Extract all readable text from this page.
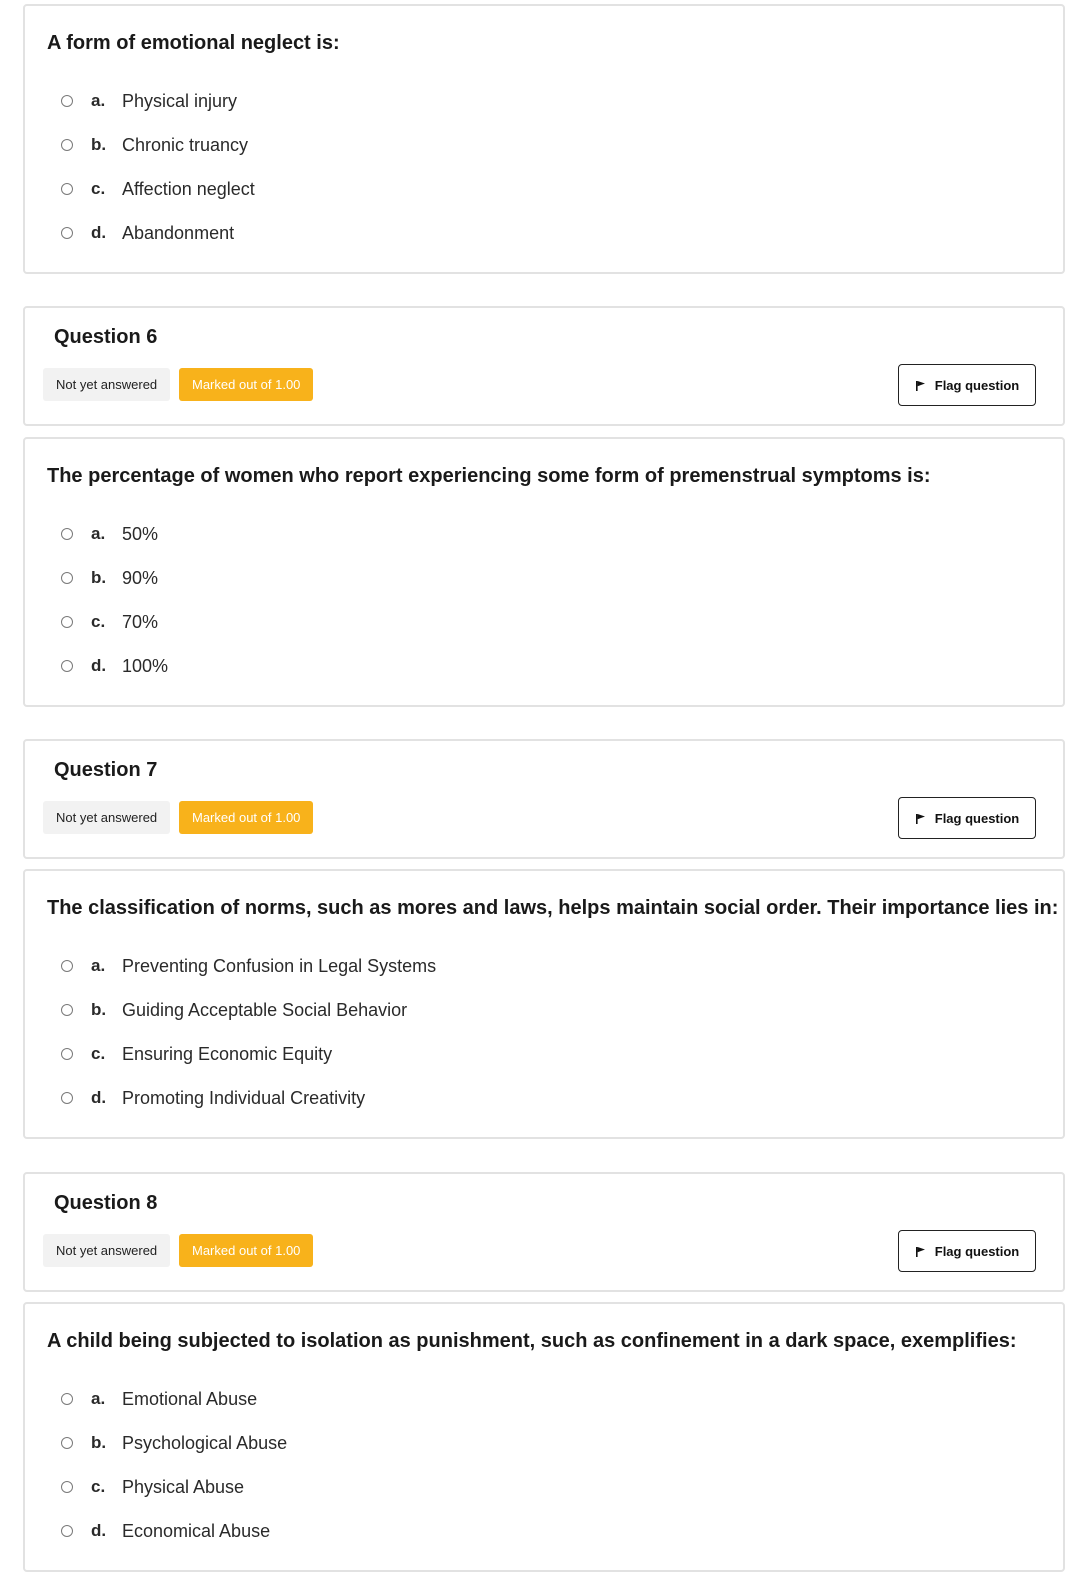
A form of emotional neglect is:

a. Physical injury
b. Chronic truancy
c. Affection neglect
d. Abandonment
Question 6
Not yet answered	Marked out of 1.00	Flag question

The percentage of women who report experiencing some form of premenstrual symptoms is:

a. 50%
b. 90%
c. 70%
d. 100%
Question 7
Not yet answered	Marked out of 1.00	Flag question

The classification of norms, such as mores and laws, helps maintain social order. Their importance lies in:

a. Preventing Confusion in Legal Systems
b. Guiding Acceptable Social Behavior
c. Ensuring Economic Equity
d. Promoting Individual Creativity
Question 8
Not yet answered	Marked out of 1.00	Flag question

A child being subjected to isolation as punishment, such as confinement in a dark space, exemplifies:

a. Emotional Abuse
b. Psychological Abuse
c. Physical Abuse
d. Economical Abuse
